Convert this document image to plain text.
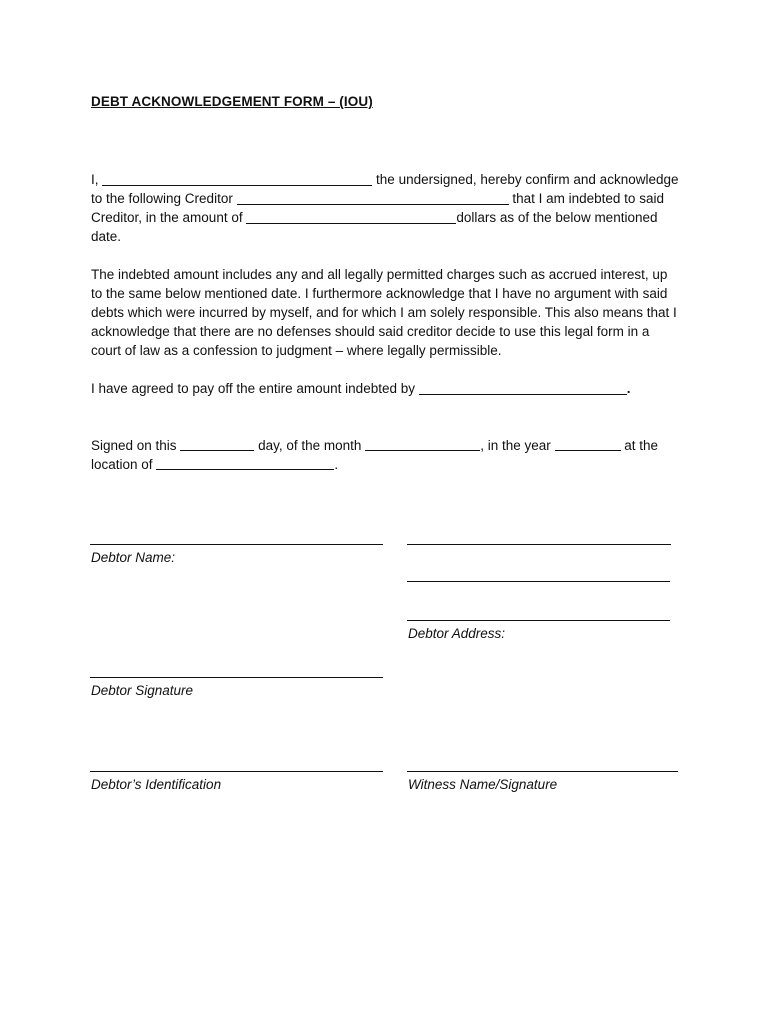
DEBT ACKNOWLEDGEMENT FORM – (IOU)
I,	the undersigned, hereby confirm and acknowledge to the following Creditor	that I am indebted to said Creditor, in the amount of	dollars as of the below mentioned date.
The indebted amount includes any and all legally permitted charges such as accrued interest, up to the same below mentioned date. I furthermore acknowledge that I have no argument with said debts which were incurred by myself, and for which I am solely responsible. This also means that I acknowledge that there are no defenses should said creditor decide to use this legal form in a court of law as a confession to judgment – where legally permissible.
I have agreed to pay off the entire amount indebted by	.
Signed on this	day, of the month	, in the year	at the location of	.
Debtor Name:
Debtor Address:
Debtor Signature
Debtor’s Identification	Witness Name/Signature
